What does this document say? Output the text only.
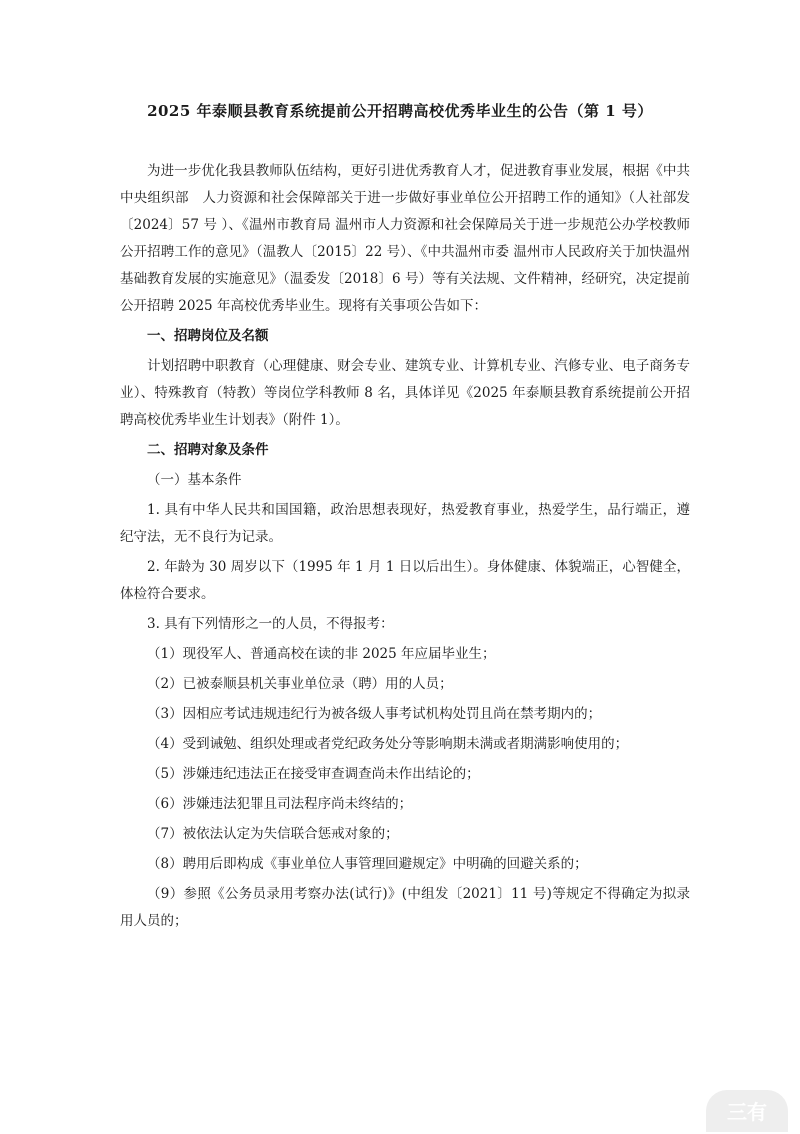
2025 年泰顺县教育系统提前公开招聘高校优秀毕业生的公告（第 1 号）

为进一步优化我县教师队伍结构，更好引进优秀教育人才，促进教育事业发展，根据《中共中央组织部　人力资源和社会保障部关于进一步做好事业单位公开招聘工作的通知》（人社部发〔2024〕57 号 ）、《温州市教育局 温州市人力资源和社会保障局关于进一步规范公办学校教师公开招聘工作的意见》（温教人〔2015〕22 号）、《中共温州市委 温州市人民政府关于加快温州基础教育发展的实施意见》（温委发〔2018〕6 号）等有关法规、文件精神，经研究，决定提前公开招聘 2025 年高校优秀毕业生。现将有关事项公告如下：

一、招聘岗位及名额

计划招聘中职教育（心理健康、财会专业、建筑专业、计算机专业、汽修专业、电子商务专业）、特殊教育（特教）等岗位学科教师 8 名，具体详见《2025 年泰顺县教育系统提前公开招聘高校优秀毕业生计划表》（附件 1）。

二、招聘对象及条件

（一）基本条件

1. 具有中华人民共和国国籍，政治思想表现好，热爱教育事业，热爱学生，品行端正，遵纪守法，无不良行为记录。

2. 年龄为 30 周岁以下（1995 年 1 月 1 日以后出生）。身体健康、体貌端正，心智健全，体检符合要求。

3. 具有下列情形之一的人员，不得报考：

（1）现役军人、普通高校在读的非 2025 年应届毕业生；

（2）已被泰顺县机关事业单位录（聘）用的人员；

（3）因相应考试违规违纪行为被各级人事考试机构处罚且尚在禁考期内的；

（4）受到诫勉、组织处理或者党纪政务处分等影响期未满或者期满影响使用的；

（5）涉嫌违纪违法正在接受审查调查尚未作出结论的；

（6）涉嫌违法犯罪且司法程序尚未终结的；

（7）被依法认定为失信联合惩戒对象的；

（8）聘用后即构成《事业单位人事管理回避规定》中明确的回避关系的；

（9）参照《公务员录用考察办法(试行)》(中组发〔2021〕11 号)等规定不得确定为拟录用人员的；

三有
